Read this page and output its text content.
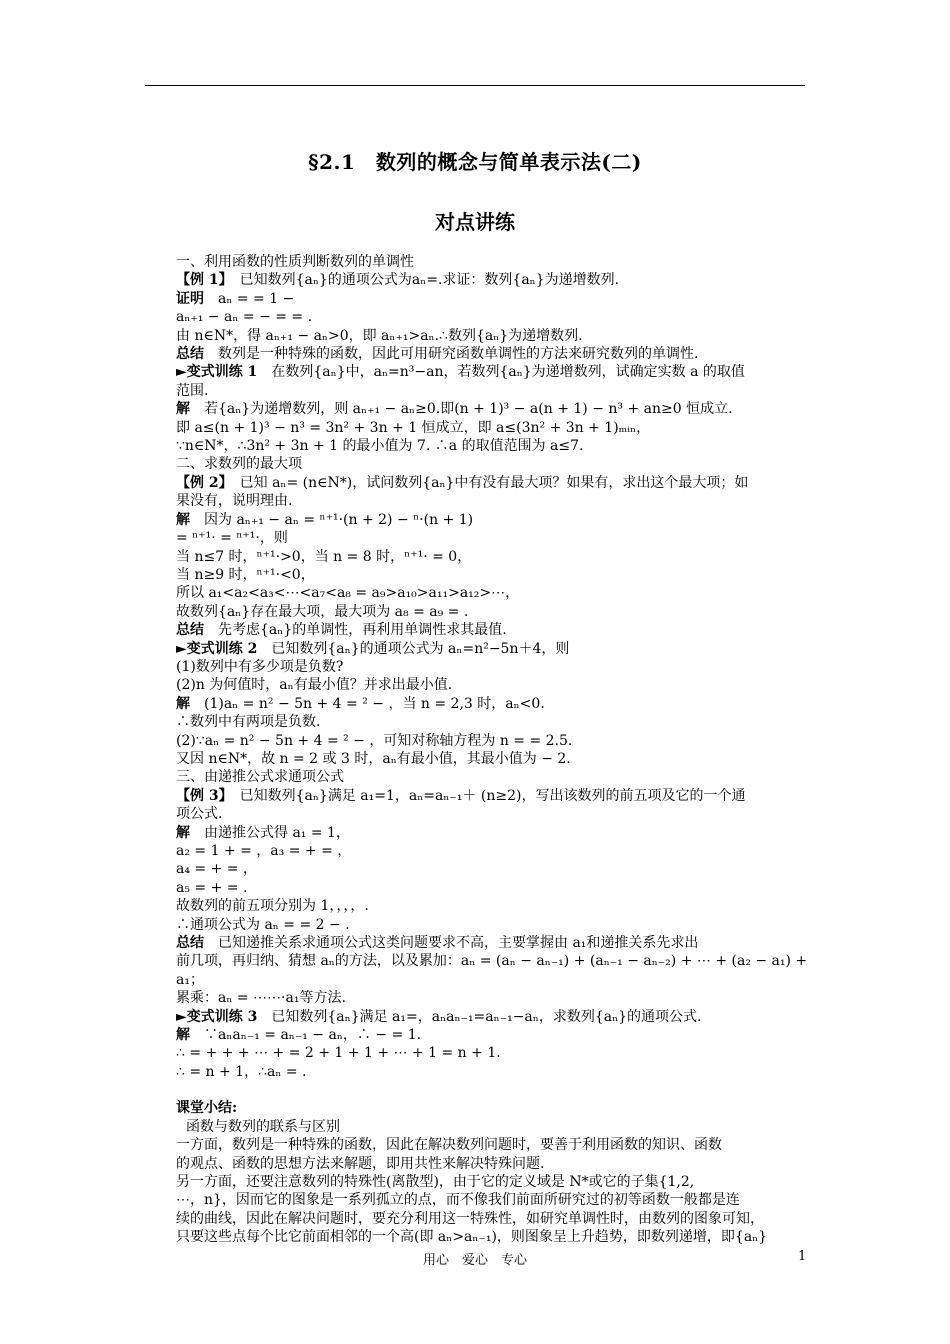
§2.1　数列的概念与简单表示法(二)
对点讲练

一、利用函数的性质判断数列的单调性

【例 1】　已知数列{aₙ}的通项公式为aₙ=.求证：数列{aₙ}为递增数列.

证明　aₙ = = 1 −

aₙ₊₁ − aₙ = − = = .

由 n∈N*，得 aₙ₊₁ − aₙ>0，即 aₙ₊₁>aₙ.∴数列{aₙ}为递增数列.

总结　数列是一种特殊的函数，因此可用研究函数单调性的方法来研究数列的单调性.

►变式训练 1　在数列{aₙ}中，aₙ=n³−an，若数列{aₙ}为递增数列，试确定实数 a 的取值

范围.

解　若{aₙ}为递增数列，则 aₙ₊₁ − aₙ≥0.即(n + 1)³ − a(n + 1) − n³ + an≥0 恒成立.

即 a≤(n + 1)³ − n³ = 3n² + 3n + 1 恒成立，即 a≤(3n² + 3n + 1)ₘᵢₙ，

∵n∈N*，∴3n² + 3n + 1 的最小值为 7. ∴a 的取值范围为 a≤7.

二、求数列的最大项

【例 2】　已知 aₙ= (n∈N*)，试问数列{aₙ}中有没有最大项？如果有，求出这个最大项；如

果没有，说明理由.

解　因为 aₙ₊₁ − aₙ = ⁿ⁺¹·(n + 2) − ⁿ·(n + 1)

= ⁿ⁺¹· = ⁿ⁺¹·，则

当 n≤7 时，ⁿ⁺¹·>0，当 n = 8 时，ⁿ⁺¹· = 0，

当 n≥9 时，ⁿ⁺¹·<0，

所以 a₁<a₂<a₃<⋯<a₇<a₈ = a₉>a₁₀>a₁₁>a₁₂>⋯，

故数列{aₙ}存在最大项，最大项为 a₈ = a₉ = .

总结　先考虑{aₙ}的单调性，再利用单调性求其最值.

►变式训练 2　已知数列{aₙ}的通项公式为 aₙ=n²−5n＋4，则

(1)数列中有多少项是负数?

(2)n 为何值时，aₙ有最小值？并求出最小值.

解　(1)aₙ = n² − 5n + 4 = ² − ，当 n = 2,3 时，aₙ<0.

∴数列中有两项是负数.

(2)∵aₙ = n² − 5n + 4 = ² − ，可知对称轴方程为 n = = 2.5.

又因 n∈N*，故 n = 2 或 3 时，aₙ有最小值，其最小值为 − 2.

三、由递推公式求通项公式

【例 3】　已知数列{aₙ}满足 a₁=1，aₙ=aₙ₋₁＋ (n≥2)，写出该数列的前五项及它的一个通

项公式.

解　由递推公式得 a₁ = 1，

a₂ = 1 + = ，a₃ = + = ，

a₄ = + = ，

a₅ = + = .

故数列的前五项分别为 1，，，，.

∴通项公式为 aₙ = = 2 − .

总结　已知递推关系求通项公式这类问题要求不高，主要掌握由 a₁和递推关系先求出

前几项，再归纳、猜想 aₙ的方法，以及累加：aₙ = (aₙ − aₙ₋₁) + (aₙ₋₁ − aₙ₋₂) + ⋯ + (a₂ − a₁) + a₁；

累乘：aₙ = ⋯⋯·a₁等方法.

►变式训练 3　已知数列{aₙ}满足 a₁=，aₙaₙ₋₁=aₙ₋₁−aₙ，求数列{aₙ}的通项公式.

解　∵aₙaₙ₋₁ = aₙ₋₁ − aₙ，∴ − = 1.

∴ = + + + ⋯ + = 2 + 1 + 1 + ⋯ + 1 = n + 1.

∴ = n + 1，∴aₙ = .

课堂小结:

函数与数列的联系与区别

一方面，数列是一种特殊的函数，因此在解决数列问题时，要善于利用函数的知识、函数

的观点、函数的思想方法来解题，即用共性来解决特殊问题.

另一方面，还要注意数列的特殊性(离散型)，由于它的定义域是 N*或它的子集{1,2,

⋯，n}，因而它的图象是一系列孤立的点，而不像我们前面所研究过的初等函数一般都是连

续的曲线，因此在解决问题时，要充分利用这一特殊性，如研究单调性时，由数列的图象可知，

只要这些点每个比它前面相邻的一个高(即 aₙ>aₙ₋₁)，则图象呈上升趋势，即数列递增，即{aₙ}

用心　爱心　专心	1
